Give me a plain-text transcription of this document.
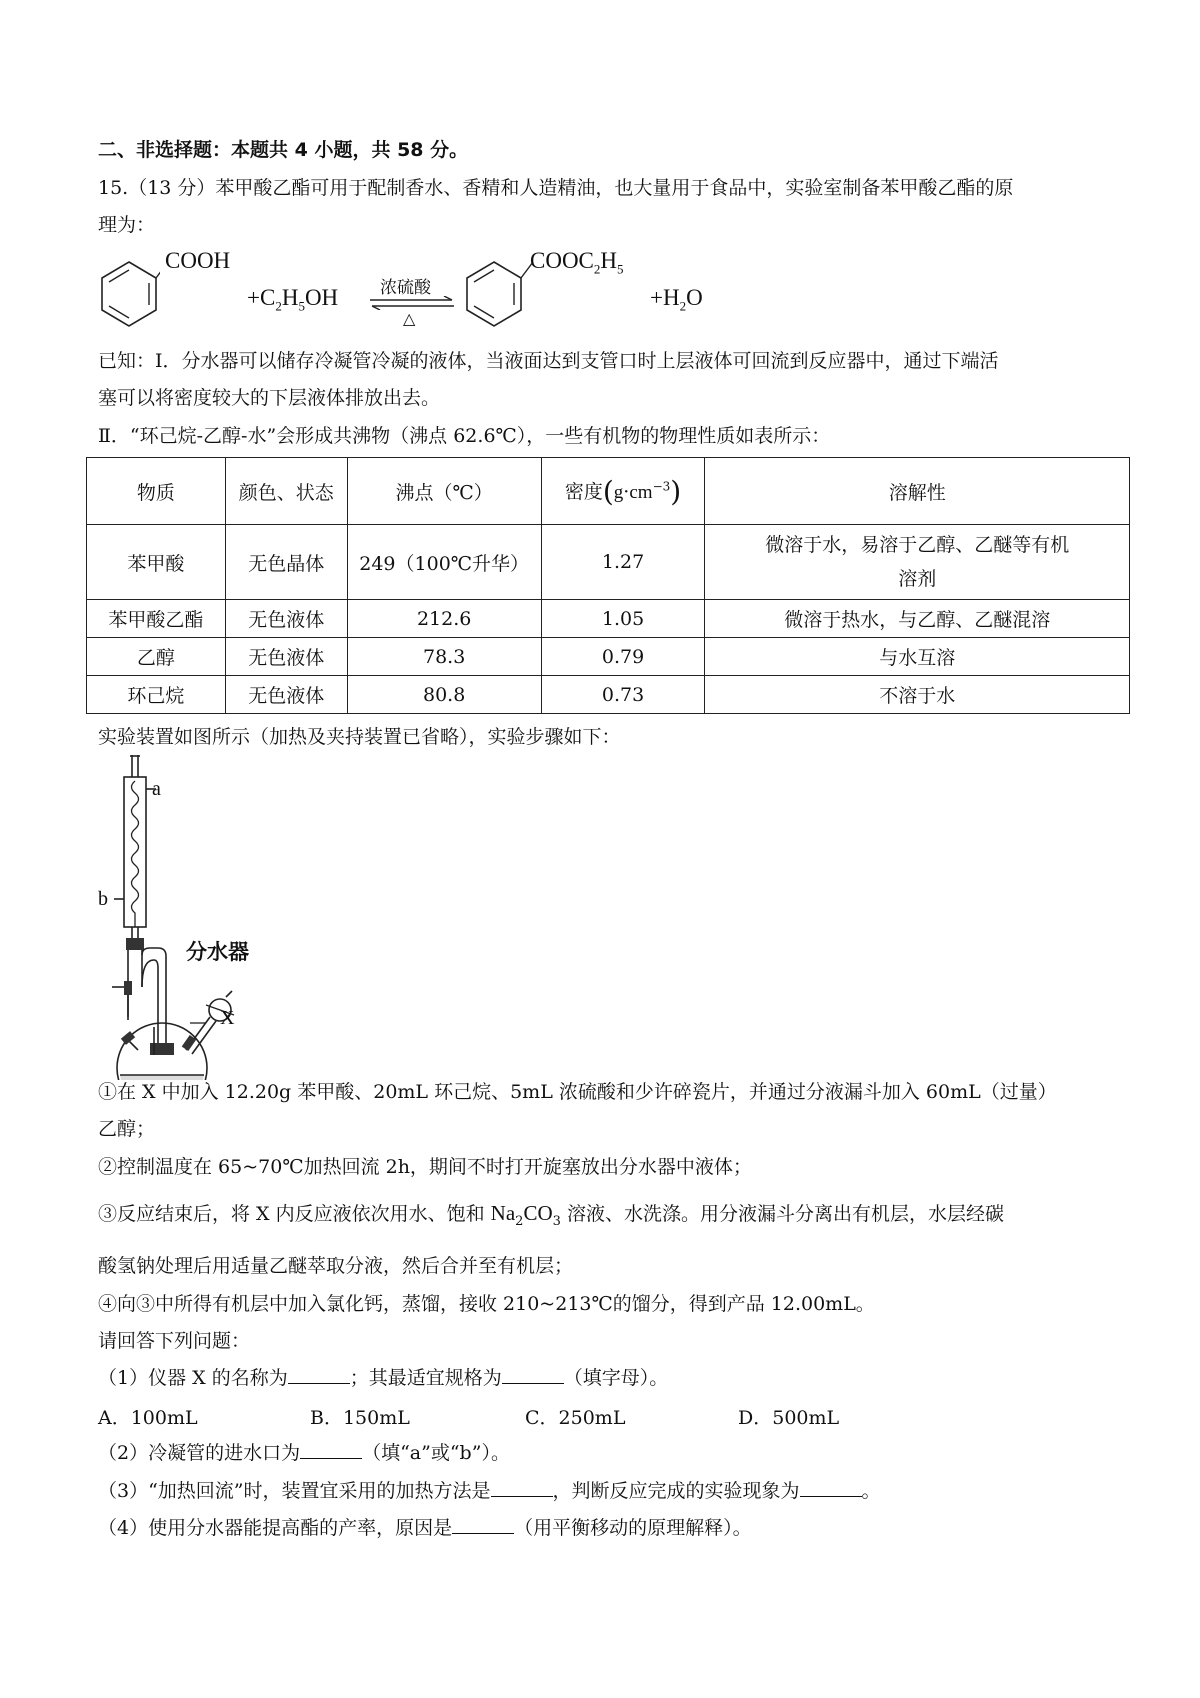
二、非选择题：本题共 4 小题，共 58 分。
15.（13 分）苯甲酸乙酯可用于配制香水、香精和人造精油，也大量用于食品中，实验室制备苯甲酸乙酯的原
理为：
COOH
$+C_2H_5OH$ 浓硫酸
△
$COOC_2H_5$
$+H_2O$
已知：Ⅰ．分水器可以储存冷凝管冷凝的液体，当液面达到支管口时上层液体可回流到反应器中，通过下端活
塞可以将密度较大的下层液体排放出去。
Ⅱ．“环己烷-乙醇-水”会形成共沸物（沸点 62.6℃），一些有机物的物理性质如表所示：
物质	颜色、状态	沸点（℃）	密度$(g\cdot cm^{-3})$	溶解性
苯甲酸	无色晶体	249（100℃升华）	1.27	微溶于水，易溶于乙醇、乙醚等有机
溶剂

苯甲酸乙酯	无色液体	212.6	1.05	微溶于热水，与乙醇、乙醚混溶
乙醇	无色液体	78.3	0.79	与水互溶
环己烷	无色液体	80.8	0.73	不溶于水
实验装置如图所示（加热及夹持装置已省略），实验步骤如下：
a
b
分水器
X
①在 X 中加入 12.20g 苯甲酸、20mL 环己烷、5mL 浓硫酸和少许碎瓷片，并通过分液漏斗加入 60mL（过量）
乙醇；
②控制温度在 65~70℃加热回流 2h，期间不时打开旋塞放出分水器中液体；
③反应结束后，将 X 内反应液依次用水、饱和 $Na_2CO_3$ 溶液、水洗涤。用分液漏斗分离出有机层，水层经碳
酸氢钠处理后用适量乙醚萃取分液，然后合并至有机层；
④向③中所得有机层中加入氯化钙，蒸馏，接收 210~213℃的馏分，得到产品 12.00mL。
请回答下列问题：
（1）仪器 X 的名称为	；其最适宜规格为	（填字母）。
A．100mL	B．150mL	C．250mL	D．500mL
（2）冷凝管的进水口为	（填“a”或“b”）。
（3）“加热回流”时，装置宜采用的加热方法是	，判断反应完成的实验现象为	。
（4）使用分水器能提高酯的产率，原因是	（用平衡移动的原理解释）。
